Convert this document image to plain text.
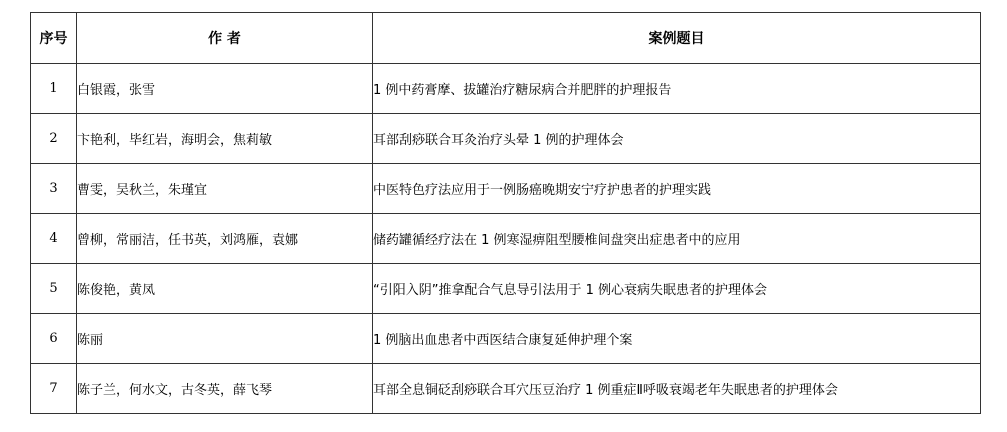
序号	作 者	案例题目
1	白银霞，张雪	1 例中药膏摩、拔罐治疗糖尿病合并肥胖的护理报告
2	卞艳利，毕红岩，海明会，焦莉敏	耳部刮痧联合耳灸治疗头晕 1 例的护理体会
3	曹雯，吴秋兰，朱瑾宜	中医特色疗法应用于一例肠癌晚期安宁疗护患者的护理实践
4	曾柳，常丽洁，任书英，刘鸿雁，袁娜	储药罐循经疗法在 1 例寒湿痹阻型腰椎间盘突出症患者中的应用
5	陈俊艳，黄凤	“引阳入阴”推拿配合气息导引法用于 1 例心衰病失眠患者的护理体会
6	陈丽	1 例脑出血患者中西医结合康复延伸护理个案
7	陈子兰，何水文，古冬英，薛飞琴	耳部全息铜砭刮痧联合耳穴压豆治疗 1 例重症Ⅱ呼吸衰竭老年失眠患者的护理体会
